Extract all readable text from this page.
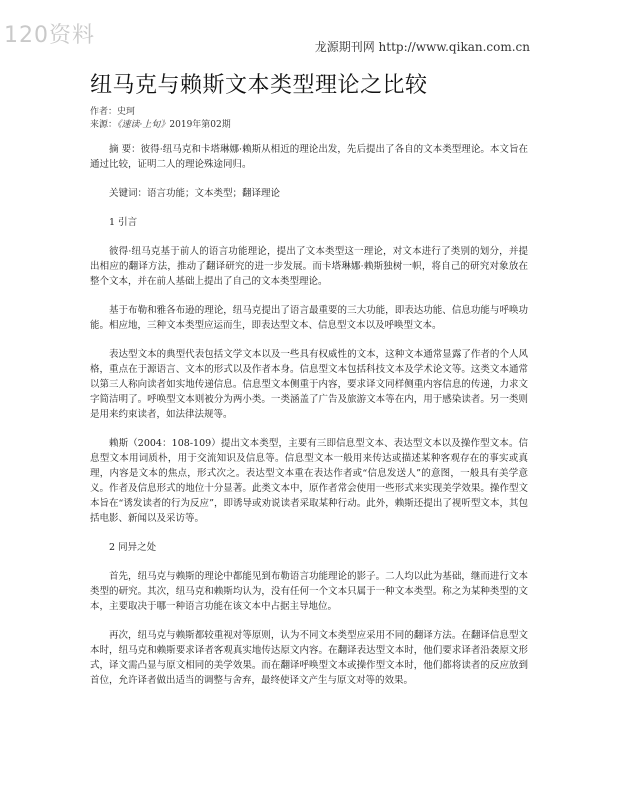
120资料	龙源期刊网 http://www.qikan.com.cn
纽马克与赖斯文本类型理论之比较
作者：史珂
来源：《速读·上旬》2019年第02期

摘 要：彼得·纽马克和卡塔琳娜·赖斯从相近的理论出发，先后提出了各自的文本类型理论。本文旨在通过比较，证明二人的理论殊途同归。

关键词：语言功能；文本类型；翻译理论

1 引言

彼得·纽马克基于前人的语言功能理论，提出了文本类型这一理论，对文本进行了类别的划分，并提出相应的翻译方法，推动了翻译研究的进一步发展。而卡塔琳娜·赖斯独树一帜，将自己的研究对象放在整个文本，并在前人基础上提出了自己的文本类型理论。

基于布勒和雅各布逊的理论，纽马克提出了语言最重要的三大功能，即表达功能、信息功能与呼唤功能。相应地，三种文本类型应运而生，即表达型文本、信息型文本以及呼唤型文本。

表达型文本的典型代表包括文学文本以及一些具有权威性的文本，这种文本通常显露了作者的个人风格，重点在于源语言、文本的形式以及作者本身。信息型文本包括科技文本及学术论文等。这类文本通常以第三人称向读者如实地传递信息。信息型文本侧重于内容，要求译文同样侧重内容信息的传递，力求文字简洁明了。呼唤型文本则被分为两小类。一类涵盖了广告及旅游文本等在内，用于感染读者。另一类则是用来约束读者，如法律法规等。

赖斯（2004：108-109）提出文本类型，主要有三即信息型文本、表达型文本以及操作型文本。信息型文本用词质朴，用于交流知识及信息等。信息型文本一般用来传达或描述某种客观存在的事实或真理，内容是文本的焦点，形式次之。表达型文本重在表达作者或“信息发送人”的意图，一般具有美学意义。作者及信息形式的地位十分显著。此类文本中，原作者常会使用一些形式来实现美学效果。操作型文本旨在“诱发读者的行为反应”，即诱导或劝说读者采取某种行动。此外，赖斯还提出了视听型文本，其包括电影、新闻以及采访等。

2 同异之处

首先，纽马克与赖斯的理论中都能见到布勒语言功能理论的影子。二人均以此为基础，继而进行文本类型的研究。其次，纽马克和赖斯均认为，没有任何一个文本只属于一种文本类型。称之为某种类型的文本，主要取决于哪一种语言功能在该文本中占据主导地位。

再次，纽马克与赖斯都较重视对等原则，认为不同文本类型应采用不同的翻译方法。在翻译信息型文本时，纽马克和赖斯要求译者客观真实地传达原文内容。在翻译表达型文本时，他们要求译者沿袭原文形式，译文需凸显与原文相同的美学效果。而在翻译呼唤型文本或操作型文本时，他们都将读者的反应放到首位，允许译者做出适当的调整与舍弃，最终使译文产生与原文对等的效果。
